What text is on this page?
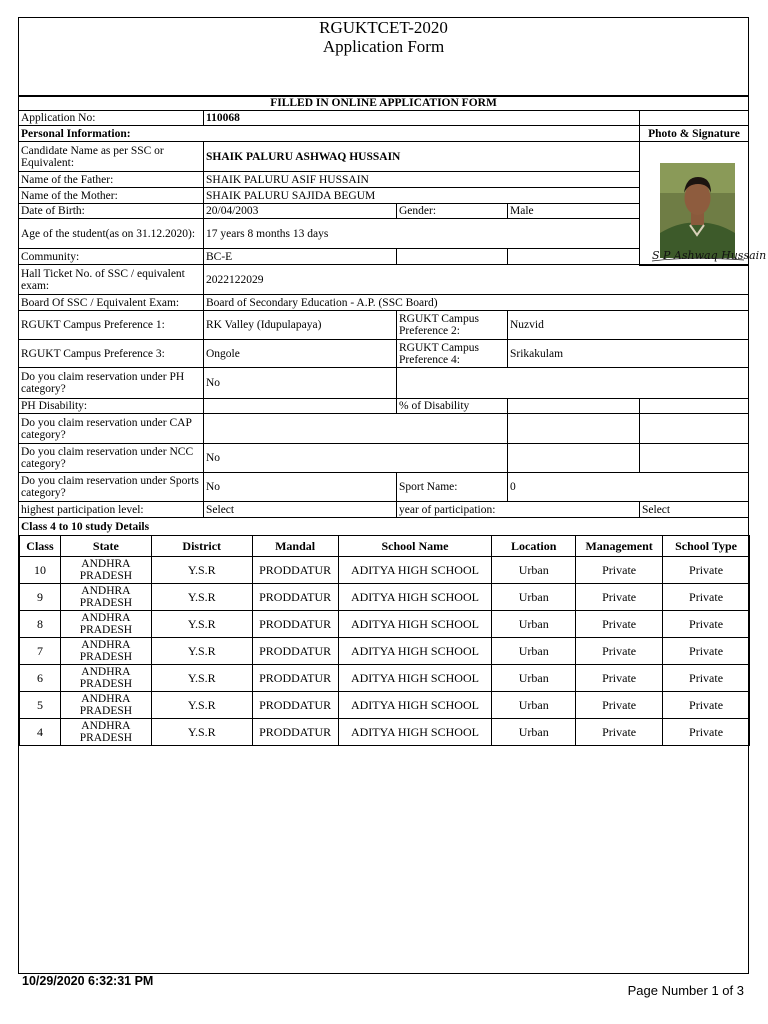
RGUKTCET-2020
Application Form
FILLED IN ONLINE APPLICATION FORM
Application No:	110068
Personal Information:	Photo & Signature
Candidate Name as per SSC or Equivalent:	SHAIK PALURU ASHWAQ HUSSAIN
Name of the Father:	SHAIK PALURU ASIF HUSSAIN
Name of the Mother:	SHAIK PALURU SAJIDA BEGUM
Date of Birth:	20/04/2003	Gender:	Male
Age of the student(as on 31.12.2020): 17 years 8 months 13 days
Community:	BC-E
Hall Ticket No. of SSC / equivalent exam:	2022122029
Board Of SSC / Equivalent Exam:	Board of Secondary Education - A.P. (SSC Board)
RGUKT Campus Preference 1:	RK Valley (Idupulapaya)	RGUKT Campus Preference 2:	Nuzvid
RGUKT Campus Preference 3:	Ongole	RGUKT Campus Preference 4:	Srikakulam
Do you claim reservation under PH category?	No
PH Disability:	% of Disability
Do you claim reservation under CAP category?
Do you claim reservation under NCC category?	No
Do you claim reservation under Sports category?	No	Sport Name:	0
highest participation level:	Select	year of participation:	Select
Class 4 to 10 study Details
Class	State	District	Mandal	School Name	Location	Management	School Type
10	ANDHRA PRADESH	Y.S.R	PRODDATUR	ADITYA HIGH SCHOOL	Urban	Private	Private
9	ANDHRA PRADESH	Y.S.R	PRODDATUR	ADITYA HIGH SCHOOL	Urban	Private	Private
8	ANDHRA PRADESH	Y.S.R	PRODDATUR	ADITYA HIGH SCHOOL	Urban	Private	Private
7	ANDHRA PRADESH	Y.S.R	PRODDATUR	ADITYA HIGH SCHOOL	Urban	Private	Private
6	ANDHRA PRADESH	Y.S.R	PRODDATUR	ADITYA HIGH SCHOOL	Urban	Private	Private
5	ANDHRA PRADESH	Y.S.R	PRODDATUR	ADITYA HIGH SCHOOL	Urban	Private	Private
4	ANDHRA PRADESH	Y.S.R	PRODDATUR	ADITYA HIGH SCHOOL	Urban	Private	Private
S P Ashwaq Hussain
10/29/2020 6:32:31 PM
Page Number 1 of 3
